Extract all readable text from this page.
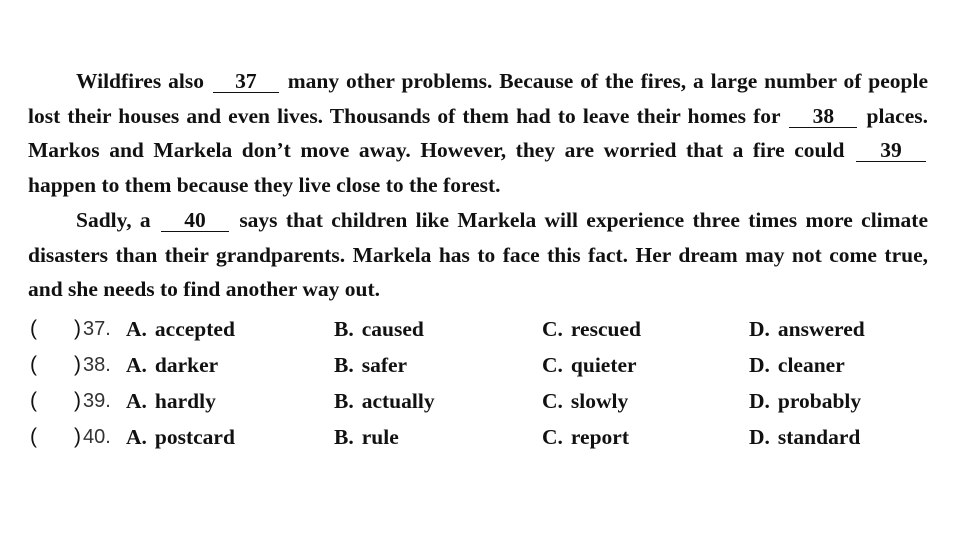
Wildfires also 37 many other problems. Because of the fires, a large number of people lost their houses and even lives. Thousands of them had to leave their homes for 38 places. Markos and Markela don’t move away. However, they are worried that a fire could 39 happen to them because they live close to the forest.

Sadly, a 40 says that children like Markela will experience three times more climate disasters than their grandparents. Markela has to face this fact. Her dream may not come true, and she needs to find another way out.

( ) 37. A. accepted	B. caused	C. rescued	D. answered
( ) 38. A. darker	B. safer	C. quieter	D. cleaner
( ) 39. A. hardly	B. actually	C. slowly	D. probably
( ) 40. A. postcard	B. rule	C. report	D. standard
